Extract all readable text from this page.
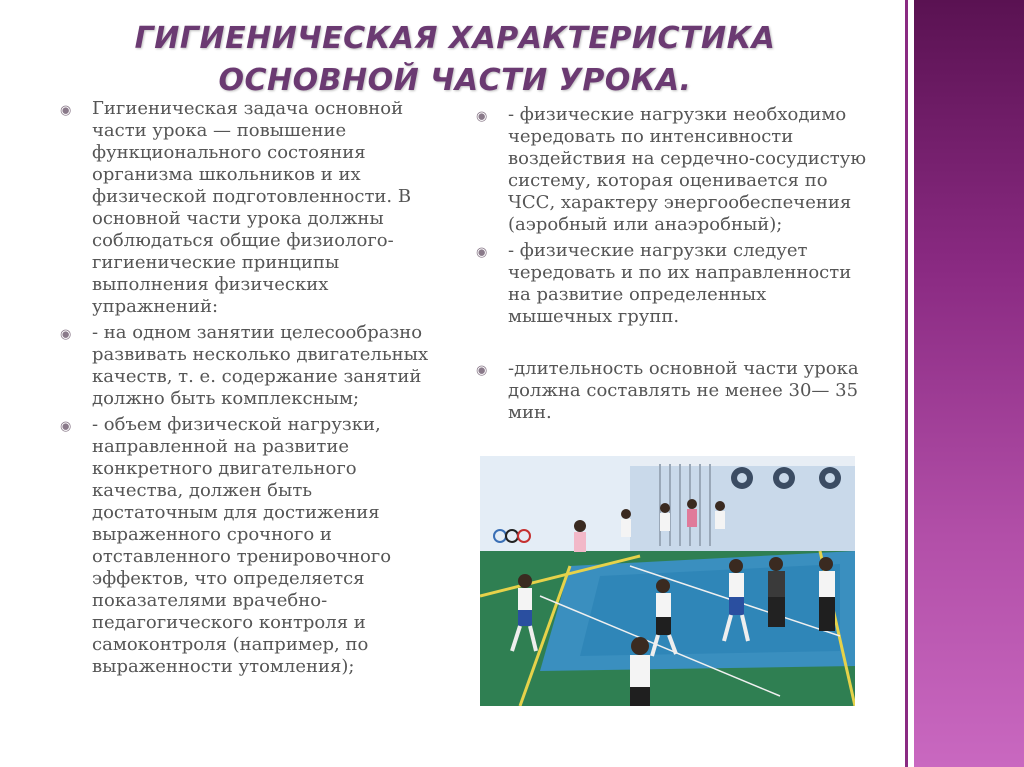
ГИГИЕНИЧЕСКАЯ ХАРАКТЕРИСТИКА ОСНОВНОЙ ЧАСТИ УРОКА.
◉ Гигиеническая задача основной части урока — повышение функционального состояния организма школьников и их физической подготовленности. В основной части урока должны соблюдаться общие физиолого-гигиенические принципы выполнения физических упражнений:
◉ - на одном занятии целесообразно развивать несколько двигательных качеств, т. е. содержание занятий должно быть комплексным;
◉ - объем физической нагрузки, направленной на развитие конкретного двигательного качества, должен быть достаточным для достижения выраженного срочного и отставленного тренировочного эффектов, что определяется показателями врачебно-педагогического контроля и самоконтроля (например, по выраженности утомления);
◉ - физические нагрузки необходимо чередовать по интенсивности воздействия на сердечно-сосудистую систему, которая оценивается по ЧСС, характеру энергообеспечения (аэробный или анаэробный);
◉ - физические нагрузки следует чередовать и по их направленности на развитие определенных мышечных групп.
◉ -длительность основной части урока должна составлять не менее 30— 35 мин.
